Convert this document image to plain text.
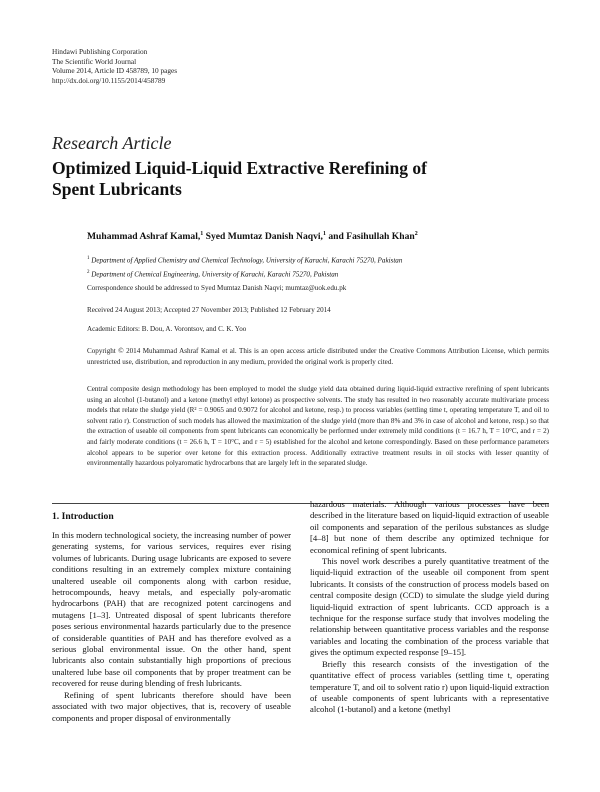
Hindawi Publishing Corporation
The Scientific World Journal
Volume 2014, Article ID 458789, 10 pages
http://dx.doi.org/10.1155/2014/458789
Research Article
Optimized Liquid-Liquid Extractive Rerefining of
Spent Lubricants
Muhammad Ashraf Kamal,$^1$ Syed Mumtaz Danish Naqvi,$^1$ and Fasihullah Khan$^2$
$^1$ Department of Applied Chemistry and Chemical Technology, University of Karachi, Karachi 75270, Pakistan
$^2$ Department of Chemical Engineering, University of Karachi, Karachi 75270, Pakistan
Correspondence should be addressed to Syed Mumtaz Danish Naqvi; mumtaz@uok.edu.pk
Received 24 August 2013; Accepted 27 November 2013; Published 12 February 2014
Academic Editors: B. Dou, A. Vorontsov, and C. K. Yoo
Copyright © 2014 Muhammad Ashraf Kamal et al. This is an open access article distributed under the Creative Commons Attribution License, which permits unrestricted use, distribution, and reproduction in any medium, provided the original work is properly cited.
Central composite design methodology has been employed to model the sludge yield data obtained during liquid-liquid extractive rerefining of spent lubricants using an alcohol (1-butanol) and a ketone (methyl ethyl ketone) as prospective solvents. The study has resulted in two reasonably accurate multivariate process models that relate the sludge yield (R² = 0.9065 and 0.9072 for alcohol and ketone, resp.) to process variables (settling time t, operating temperature T, and oil to solvent ratio r). Construction of such models has allowed the maximization of the sludge yield (more than 8% and 3% in case of alcohol and ketone, resp.) so that the extraction of useable oil components from spent lubricants can economically be performed under extremely mild conditions (t = 16.7 h, T = 10°C, and r = 2) and fairly moderate conditions (t = 26.6 h, T = 10°C, and r = 5) established for the alcohol and ketone correspondingly. Based on these performance parameters alcohol appears to be superior over ketone for this extraction process. Additionally extractive treatment results in oil stocks with lesser quantity of environmentally hazardous polyaromatic hydrocarbons that are largely left in the separated sludge.
1. Introduction

In this modern technological society, the increasing number of power generating systems, for various services, requires ever rising volumes of lubricants. During usage lubricants are exposed to severe conditions resulting in an extremely complex mixture containing unaltered useable oil components along with carbon residue, hetrocompounds, heavy metals, and especially poly-aromatic hydrocarbons (PAH) that are recognized potent carcinogens and mutagens [1–3]. Untreated disposal of spent lubricants therefore poses serious environmental hazards particularly due to the presence of considerable quantities of PAH and has therefore evolved as a serious global environmental issue. On the other hand, spent lubricants also contain substantially high proportions of precious unaltered lube base oil components that by proper treatment can be recovered for reuse during blending of fresh lubricants.

Refining of spent lubricants therefore should have been associated with two major objectives, that is, recovery of useable components and proper disposal of environmentally

hazardous materials. Although various processes have been described in the literature based on liquid-liquid extraction of useable oil components and separation of the perilous substances as sludge [4–8] but none of them describe any optimized technique for economical refining of spent lubricants.

This novel work describes a purely quantitative treatment of the liquid-liquid extraction of the useable oil component from spent lubricants. It consists of the construction of process models based on central composite design (CCD) to simulate the sludge yield during liquid-liquid extraction of spent lubricants. CCD approach is a technique for the response surface study that involves modeling the relationship between quantitative process variables and the response variables and locating the combination of the process variable that gives the optimum expected response [9–15].

Briefly this research consists of the investigation of the quantitative effect of process variables (settling time t, operating temperature T, and oil to solvent ratio r) upon liquid-liquid extraction of useable components of spent lubricants with a representative alcohol (1-butanol) and a ketone (methyl
